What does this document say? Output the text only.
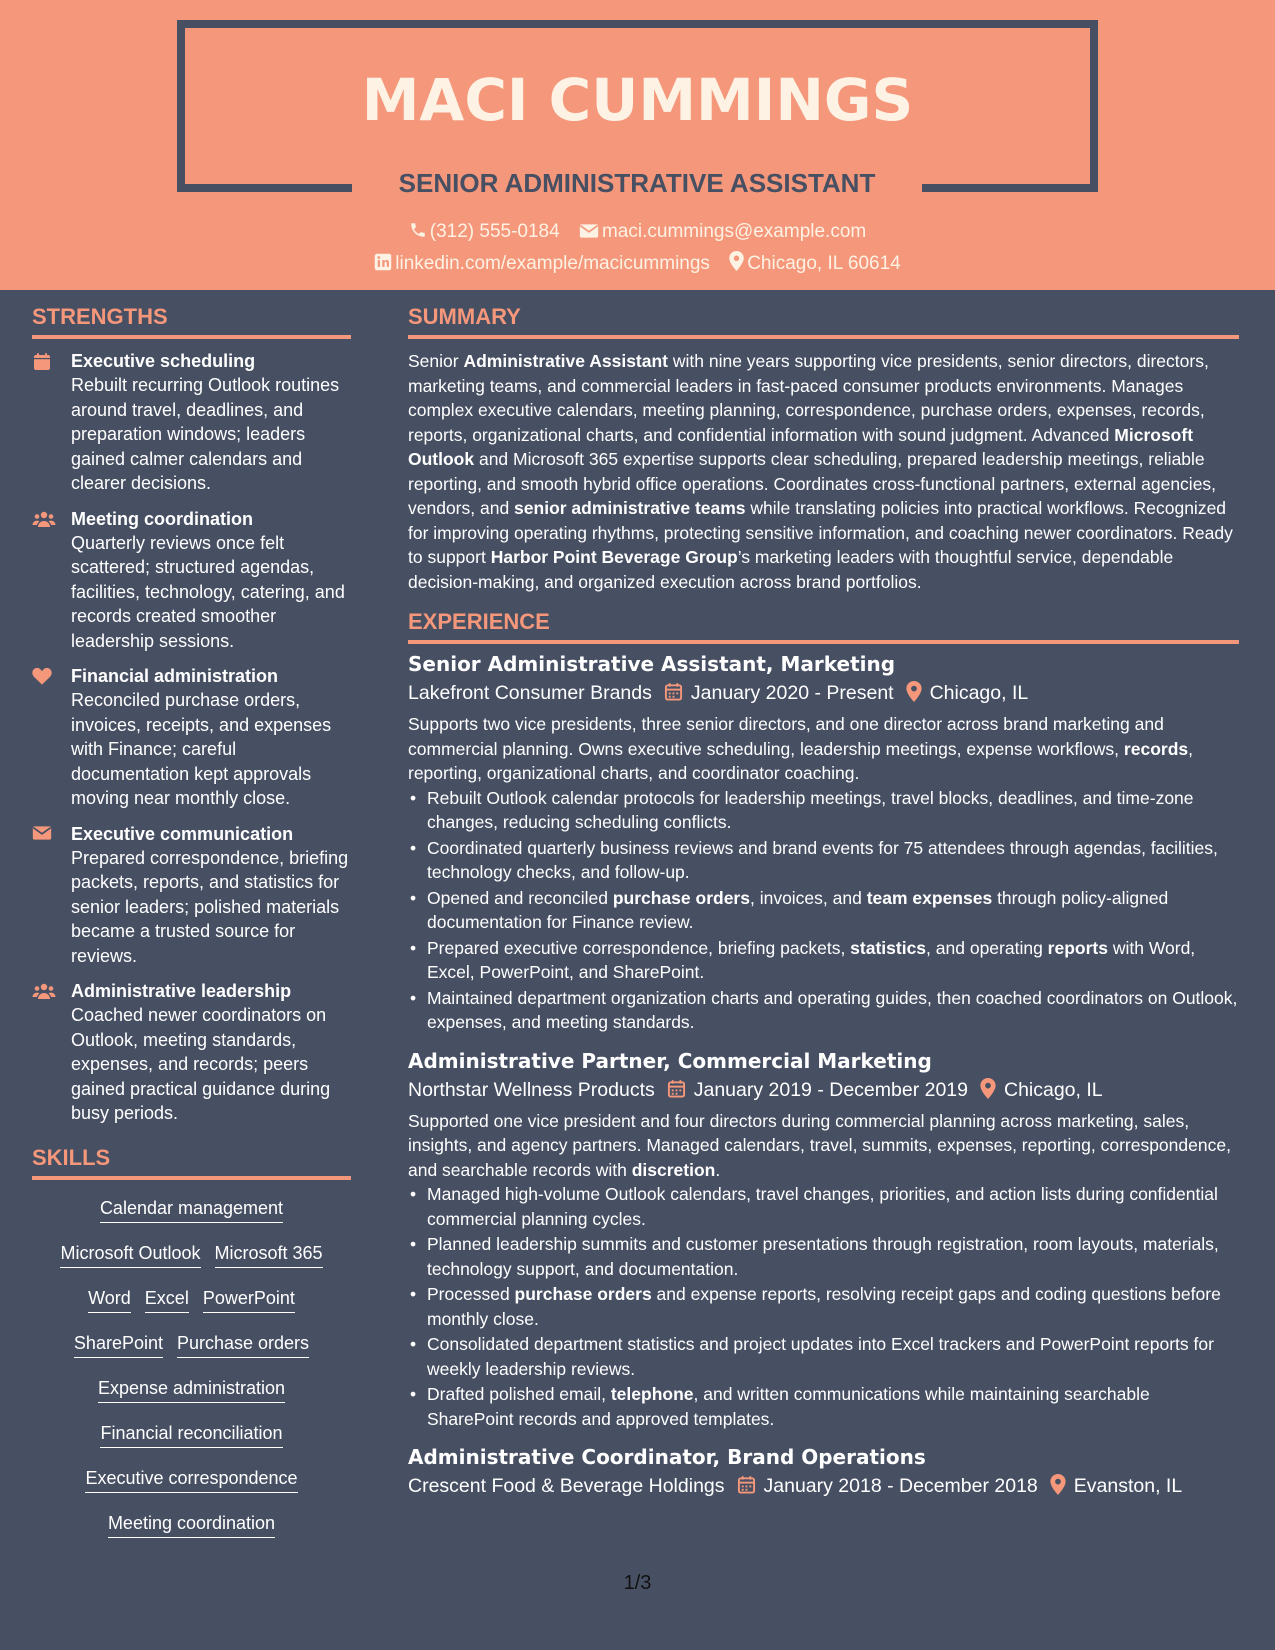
MACI CUMMINGS
SENIOR ADMINISTRATIVE ASSISTANT
(312) 555-0184 maci.cummings@example.com
linkedin.com/example/macicummings Chicago, IL 60614
STRENGTHS
Executive scheduling
Rebuilt recurring Outlook routines around travel, deadlines, and preparation windows; leaders gained calmer calendars and clearer decisions.
Meeting coordination
Quarterly reviews once felt scattered; structured agendas, facilities, technology, catering, and records created smoother leadership sessions.
Financial administration
Reconciled purchase orders, invoices, receipts, and expenses with Finance; careful documentation kept approvals moving near monthly close.
Executive communication
Prepared correspondence, briefing packets, reports, and statistics for senior leaders; polished materials became a trusted source for reviews.
Administrative leadership
Coached newer coordinators on Outlook, meeting standards, expenses, and records; peers gained practical guidance during busy periods.
SKILLS
Calendar management
Microsoft Outlook Microsoft 365
Word Excel PowerPoint
SharePoint Purchase orders
Expense administration
Financial reconciliation
Executive correspondence
Meeting coordination
SUMMARY
Senior Administrative Assistant with nine years supporting vice presidents, senior directors, directors, marketing teams, and commercial leaders in fast-paced consumer products environments. Manages complex executive calendars, meeting planning, correspondence, purchase orders, expenses, records, reports, organizational charts, and confidential information with sound judgment. Advanced Microsoft Outlook and Microsoft 365 expertise supports clear scheduling, prepared leadership meetings, reliable reporting, and smooth hybrid office operations. Coordinates cross-functional partners, external agencies, vendors, and senior administrative teams while translating policies into practical workflows. Recognized for improving operating rhythms, protecting sensitive information, and coaching newer coordinators. Ready to support Harbor Point Beverage Group’s marketing leaders with thoughtful service, dependable decision-making, and organized execution across brand portfolios.
EXPERIENCE
Senior Administrative Assistant, Marketing
Lakefront Consumer Brands January 2020 - Present Chicago, IL
Supports two vice presidents, three senior directors, and one director across brand marketing and commercial planning. Owns executive scheduling, leadership meetings, expense workflows, records, reporting, organizational charts, and coordinator coaching.
• Rebuilt Outlook calendar protocols for leadership meetings, travel blocks, deadlines, and time-zone changes, reducing scheduling conflicts.
• Coordinated quarterly business reviews and brand events for 75 attendees through agendas, facilities, technology checks, and follow-up.
• Opened and reconciled purchase orders, invoices, and team expenses through policy-aligned documentation for Finance review.
• Prepared executive correspondence, briefing packets, statistics, and operating reports with Word, Excel, PowerPoint, and SharePoint.
• Maintained department organization charts and operating guides, then coached coordinators on Outlook, expenses, and meeting standards.
Administrative Partner, Commercial Marketing
Northstar Wellness Products January 2019 - December 2019 Chicago, IL
Supported one vice president and four directors during commercial planning across marketing, sales, insights, and agency partners. Managed calendars, travel, summits, expenses, reporting, correspondence, and searchable records with discretion.
• Managed high-volume Outlook calendars, travel changes, priorities, and action lists during confidential commercial planning cycles.
• Planned leadership summits and customer presentations through registration, room layouts, materials, technology support, and documentation.
• Processed purchase orders and expense reports, resolving receipt gaps and coding questions before monthly close.
• Consolidated department statistics and project updates into Excel trackers and PowerPoint reports for weekly leadership reviews.
• Drafted polished email, telephone, and written communications while maintaining searchable SharePoint records and approved templates.
Administrative Coordinator, Brand Operations
Crescent Food & Beverage Holdings January 2018 - December 2018 Evanston, IL
1/3
